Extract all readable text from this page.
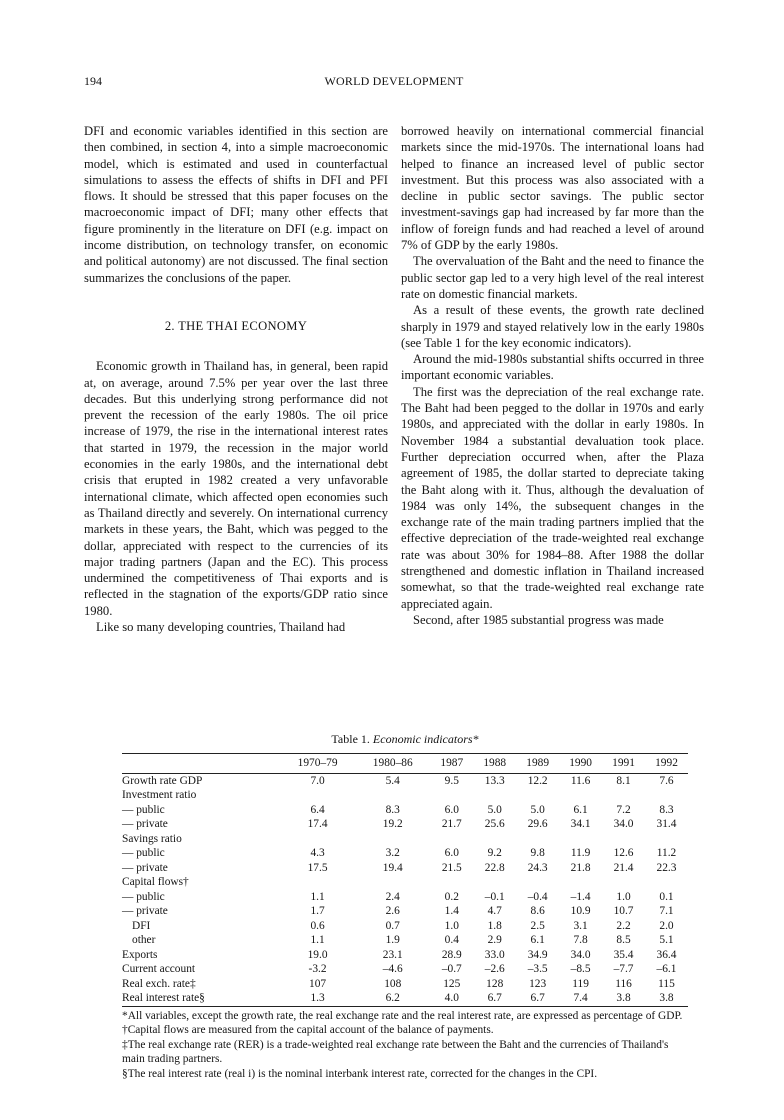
194	WORLD DEVELOPMENT

DFI and economic variables identified in this section are then combined, in section 4, into a simple macroeconomic model, which is estimated and used in counterfactual simulations to assess the effects of shifts in DFI and PFI flows. It should be stressed that this paper focuses on the macroeconomic impact of DFI; many other effects that figure prominently in the literature on DFI (e.g. impact on income distribution, on technology transfer, on economic and political autonomy) are not discussed. The final section summarizes the conclusions of the paper.

2. THE THAI ECONOMY

Economic growth in Thailand has, in general, been rapid at, on average, around 7.5% per year over the last three decades. But this underlying strong performance did not prevent the recession of the early 1980s. The oil price increase of 1979, the rise in the international interest rates that started in 1979, the recession in the major world economies in the early 1980s, and the international debt crisis that erupted in 1982 created a very unfavorable international climate, which affected open economies such as Thailand directly and severely. On international currency markets in these years, the Baht, which was pegged to the dollar, appreciated with respect to the currencies of its major trading partners (Japan and the EC). This process undermined the competitiveness of Thai exports and is reflected in the stagnation of the exports/GDP ratio since 1980.

Like so many developing countries, Thailand had

borrowed heavily on international commercial financial markets since the mid-1970s. The international loans had helped to finance an increased level of public sector investment. But this process was also associated with a decline in public sector savings. The public sector investment-savings gap had increased by far more than the inflow of foreign funds and had reached a level of around 7% of GDP by the early 1980s.

The overvaluation of the Baht and the need to finance the public sector gap led to a very high level of the real interest rate on domestic financial markets.

As a result of these events, the growth rate declined sharply in 1979 and stayed relatively low in the early 1980s (see Table 1 for the key economic indicators).

Around the mid-1980s substantial shifts occurred in three important economic variables.

The first was the depreciation of the real exchange rate. The Baht had been pegged to the dollar in 1970s and early 1980s, and appreciated with the dollar in early 1980s. In November 1984 a substantial devaluation took place. Further depreciation occurred when, after the Plaza agreement of 1985, the dollar started to depreciate taking the Baht along with it. Thus, although the devaluation of 1984 was only 14%, the subsequent changes in the exchange rate of the main trading partners implied that the effective depreciation of the trade-weighted real exchange rate was about 30% for 1984–88. After 1988 the dollar strengthened and domestic inflation in Thailand increased somewhat, so that the trade-weighted real exchange rate appreciated again.

Second, after 1985 substantial progress was made

Table 1. Economic indicators*
	1970–79	1980–86	1987	1988	1989	1990	1991	1992
Growth rate GDP	7.0	5.4	9.5	13.3	12.2	11.6	8.1	7.6
Investment ratio								
— public	6.4	8.3	6.0	5.0	5.0	6.1	7.2	8.3
— private	17.4	19.2	21.7	25.6	29.6	34.1	34.0	31.4
Savings ratio								
— public	4.3	3.2	6.0	9.2	9.8	11.9	12.6	11.2
— private	17.5	19.4	21.5	22.8	24.3	21.8	21.4	22.3
Capital flows†								
— public	1.1	2.4	0.2	–0.1	–0.4	–1.4	1.0	0.1
— private	1.7	2.6	1.4	4.7	8.6	10.9	10.7	7.1
DFI	0.6	0.7	1.0	1.8	2.5	3.1	2.2	2.0
other	1.1	1.9	0.4	2.9	6.1	7.8	8.5	5.1
Exports	19.0	23.1	28.9	33.0	34.9	34.0	35.4	36.4
Current account	-3.2	–4.6	–0.7	–2.6	–3.5	–8.5	–7.7	–6.1
Real exch. rate‡	107	108	125	128	123	119	116	115
Real interest rate§	1.3	6.2	4.0	6.7	6.7	7.4	3.8	3.8

*All variables, except the growth rate, the real exchange rate and the real interest rate, are expressed as percentage of GDP.

†Capital flows are measured from the capital account of the balance of payments.

‡The real exchange rate (RER) is a trade-weighted real exchange rate between the Baht and the currencies of Thailand's main trading partners.

§The real interest rate (real i) is the nominal interbank interest rate, corrected for the changes in the CPI.
